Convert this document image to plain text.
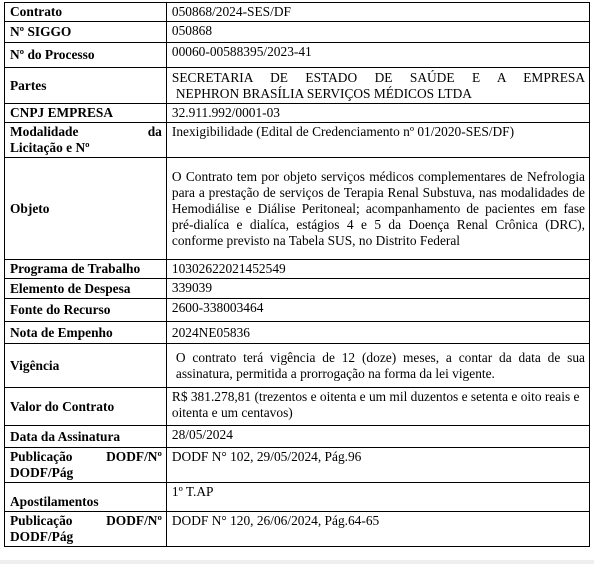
Contrato	050868/2024-SES/DF
Nº SIGGO	050868
Nº do Processo	00060-00588395/2023-41
Partes	SECRETARIA DE ESTADO DE SAÚDE E A EMPRESA
NEPHRON BRASÍLIA SERVIÇOS MÉDICOS LTDA

CNPJ EMPRESA	32.911.992/0001-03

Modalidade da
Licitação e Nº	Inexigibilidade (Edital de Credenciamento nº 01/2020-SES/DF)
Objeto	O Contrato tem por objeto serviços médicos complementares de Nefrologia para a prestação de serviços de Terapia Renal Substuva, nas modalidades de Hemodiálise e Diálise Peritoneal; acompanhamento de pacientes em fase pré-dialíca e dialíca, estágios 4 e 5 da Doença Renal Crônica (DRC), conforme previsto na Tabela SUS, no Distrito Federal
Programa de Trabalho	10302622021452549
Elemento de Despesa	339039
Fonte do Recurso	2600-338003464
Nota de Empenho	2024NE05836
Vigência	O contrato terá vigência de 12 (doze) meses, a contar da data de sua assinatura, permitida a prorrogação na forma da lei vigente.
Valor do Contrato	R$ 381.278,81 (trezentos e oitenta e um mil duzentos e setenta e oito reais e oitenta e um centavos)
Data da Assinatura	28/05/2024

Publicação DODF/Nº
DODF/Pág	DODF N° 102, 29/05/2024, Pág.96
Apostilamentos	1º T.AP

Publicação DODF/Nº
DODF/Pág	DODF N° 120, 26/06/2024, Pág.64-65
